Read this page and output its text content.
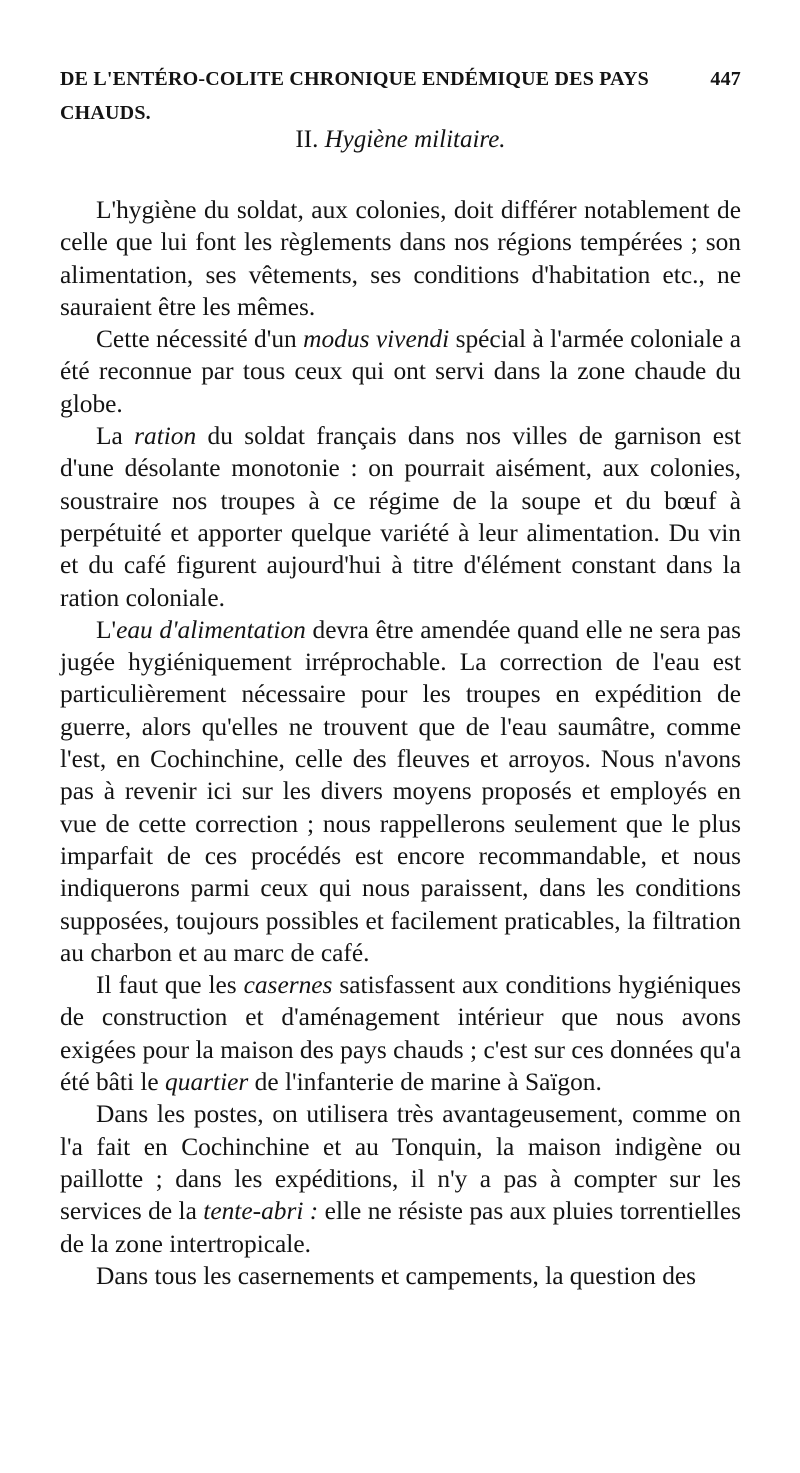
DE L'ENTÉRO-COLITE CHRONIQUE ENDÉMIQUE DES PAYS CHAUDS.
447
II. Hygiène militaire.

L'hygiène du soldat, aux colonies, doit différer notablement de celle que lui font les règlements dans nos régions tempérées ; son alimentation, ses vêtements, ses conditions d'habitation etc., ne sauraient être les mêmes.

Cette nécessité d'un modus vivendi spécial à l'armée coloniale a été reconnue par tous ceux qui ont servi dans la zone chaude du globe.

La ration du soldat français dans nos villes de garnison est d'une désolante monotonie : on pourrait aisément, aux colonies, soustraire nos troupes à ce régime de la soupe et du bœuf à perpétuité et apporter quelque variété à leur alimentation. Du vin et du café figurent aujourd'hui à titre d'élément constant dans la ration coloniale.

L'eau d'alimentation devra être amendée quand elle ne sera pas jugée hygiéniquement irréprochable. La correction de l'eau est particulièrement nécessaire pour les troupes en expédition de guerre, alors qu'elles ne trouvent que de l'eau saumâtre, comme l'est, en Cochinchine, celle des fleuves et arroyos. Nous n'avons pas à revenir ici sur les divers moyens proposés et employés en vue de cette correction ; nous rappellerons seulement que le plus imparfait de ces procédés est encore recommandable, et nous indiquerons parmi ceux qui nous paraissent, dans les conditions supposées, toujours possibles et facilement praticables, la filtration au charbon et au marc de café.

Il faut que les casernes satisfassent aux conditions hygiéniques de construction et d'aménagement intérieur que nous avons exigées pour la maison des pays chauds ; c'est sur ces données qu'a été bâti le quartier de l'infanterie de marine à Saïgon.

Dans les postes, on utilisera très avantageusement, comme on l'a fait en Cochinchine et au Tonquin, la maison indigène ou paillotte ; dans les expéditions, il n'y a pas à compter sur les services de la tente-abri : elle ne résiste pas aux pluies torrentielles de la zone intertropicale.

Dans tous les casernements et campements, la question des
